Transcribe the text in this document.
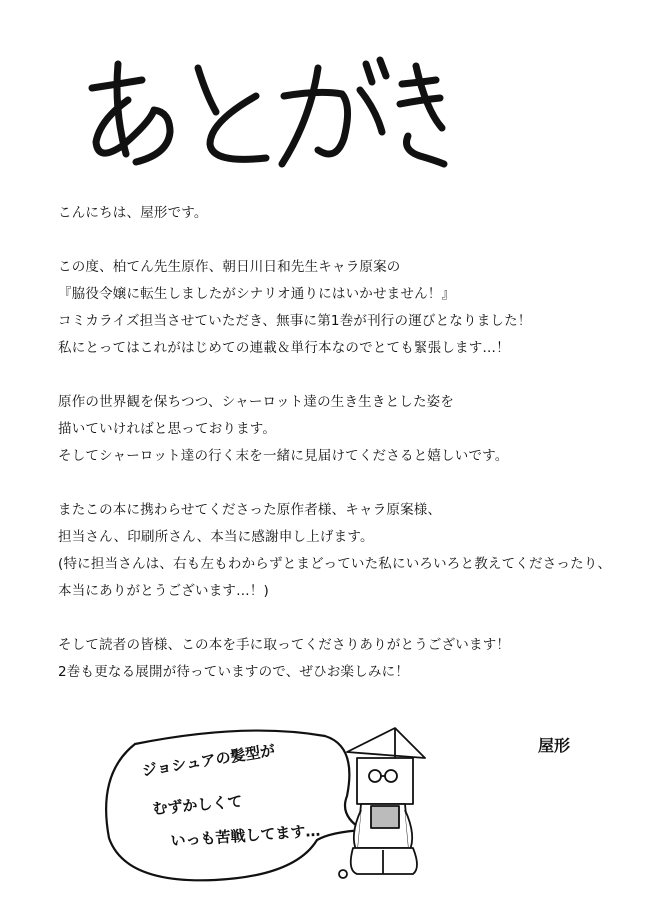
こんにちは、屋形です。
この度、柏てん先生原作、朝日川日和先生キャラ原案の
『脇役令嬢に転生しましたがシナリオ通りにはいかせません！』
コミカライズ担当させていただき、無事に第1巻が刊行の運びとなりました！
私にとってはこれがはじめての連載＆単行本なのでとても緊張します…！
原作の世界観を保ちつつ、シャーロット達の生き生きとした姿を
描いていければと思っております。
そしてシャーロット達の行く末を一緒に見届けてくださると嬉しいです。
またこの本に携わらせてくださった原作者様、キャラ原案様、
担当さん、印刷所さん、本当に感謝申し上げます。
(特に担当さんは、右も左もわからずとまどっていた私にいろいろと教えてくださったり、
本当にありがとうございます…！)
そして読者の皆様、この本を手に取ってくださりありがとうございます！
2巻も更なる展開が待っていますので、ぜひお楽しみに！
屋形
ジョシュアの髪型が
むずかしくて
いっも苦戦してます…
